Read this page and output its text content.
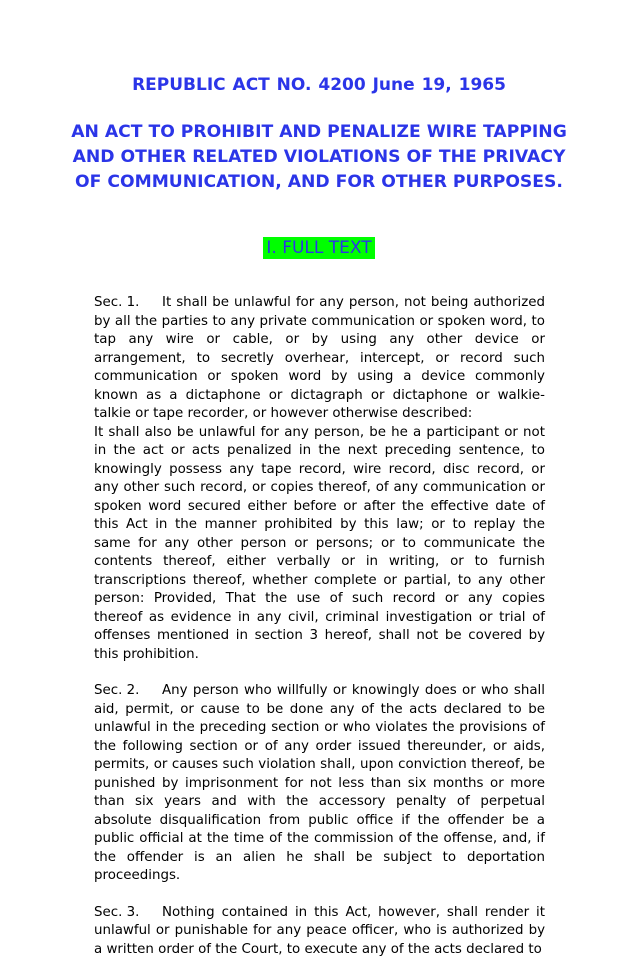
REPUBLIC ACT NO. 4200 June 19, 1965
AN ACT TO PROHIBIT AND PENALIZE WIRE TAPPING
AND OTHER RELATED VIOLATIONS OF THE PRIVACY
OF COMMUNICATION, AND FOR OTHER PURPOSES.
I. FULL TEXT

Sec. 1. It shall be unlawful for any person, not being authorized by all the parties to any private communication or spoken word, to tap any wire or cable, or by using any other device or arrangement, to secretly overhear, intercept, or record such communication or spoken word by using a device commonly known as a dictaphone or dictagraph or dictaphone or walkie-talkie or tape recorder, or however otherwise described:

It shall also be unlawful for any person, be he a participant or not in the act or acts penalized in the next preceding sentence, to knowingly possess any tape record, wire record, disc record, or any other such record, or copies thereof, of any communication or spoken word secured either before or after the effective date of this Act in the manner prohibited by this law; or to replay the same for any other person or persons; or to communicate the contents thereof, either verbally or in writing, or to furnish transcriptions thereof, whether complete or partial, to any other person: Provided, That the use of such record or any copies thereof as evidence in any civil, criminal investigation or trial of offenses mentioned in section 3 hereof, shall not be covered by this prohibition.

Sec. 2. Any person who willfully or knowingly does or who shall aid, permit, or cause to be done any of the acts declared to be unlawful in the preceding section or who violates the provisions of the following section or of any order issued thereunder, or aids, permits, or causes such violation shall, upon conviction thereof, be punished by imprisonment for not less than six months or more than six years and with the accessory penalty of perpetual absolute disqualification from public office if the offender be a public official at the time of the commission of the offense, and, if the offender is an alien he shall be subject to deportation proceedings.

Sec. 3. Nothing contained in this Act, however, shall render it unlawful or punishable for any peace officer, who is authorized by a written order of the Court, to execute any of the acts declared to
